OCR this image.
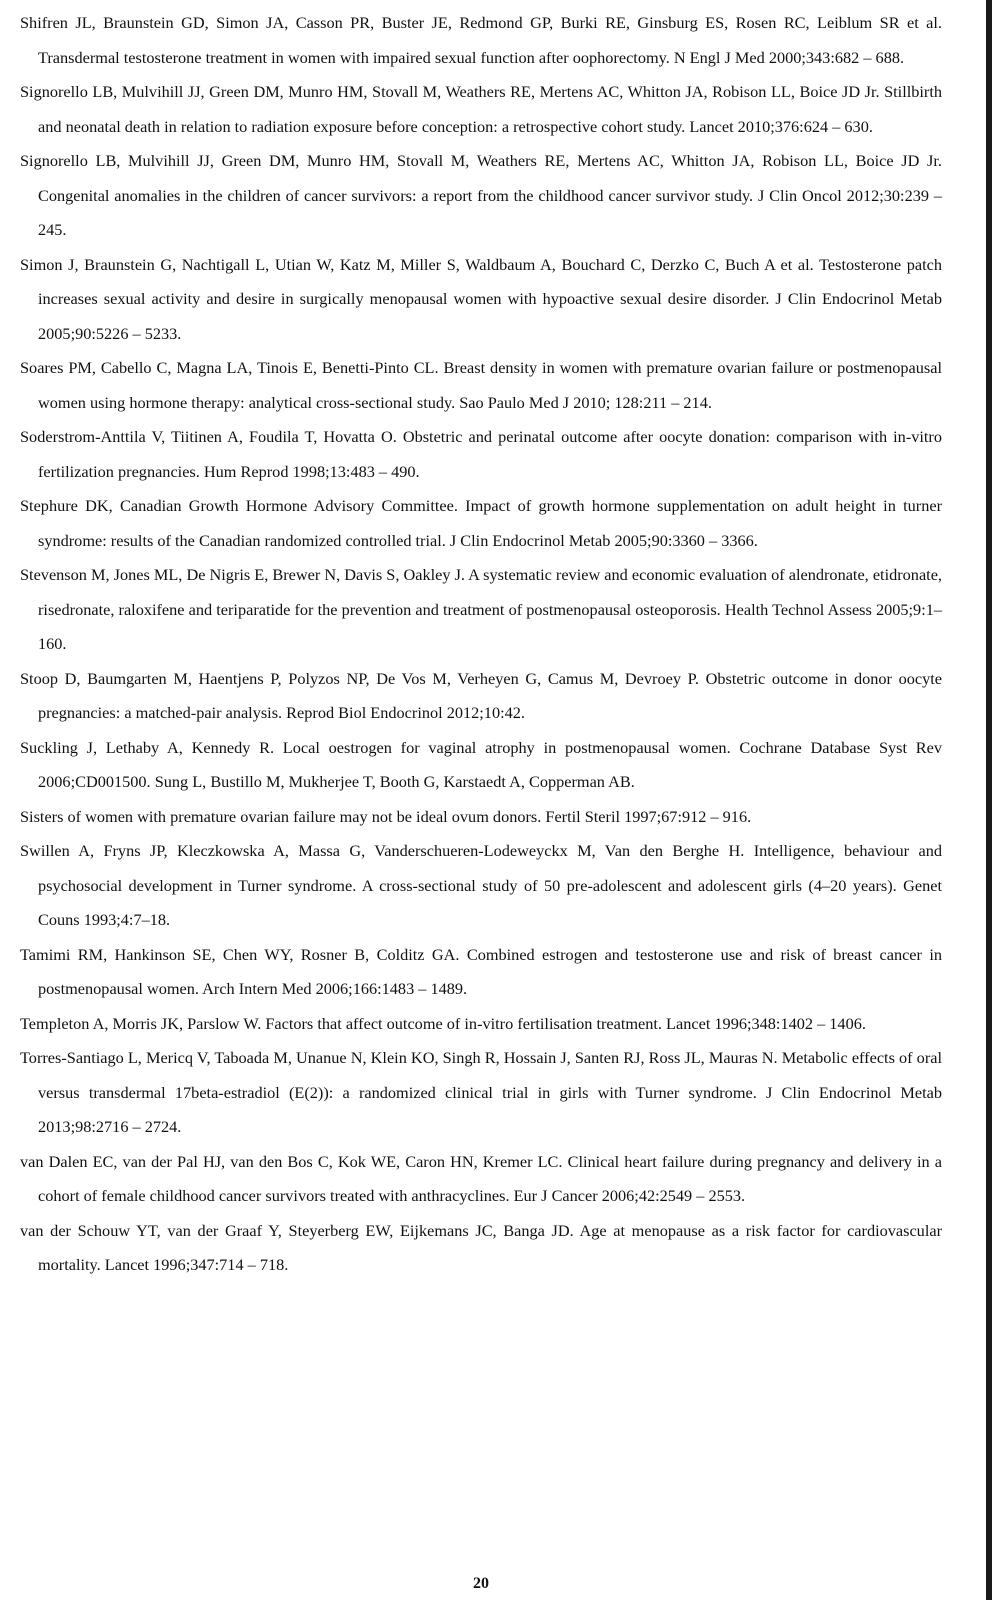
Shifren JL, Braunstein GD, Simon JA, Casson PR, Buster JE, Redmond GP, Burki RE, Ginsburg ES, Rosen RC, Leiblum SR et al. Transdermal testosterone treatment in women with impaired sexual function after oophorectomy. N Engl J Med 2000;343:682 – 688.

Signorello LB, Mulvihill JJ, Green DM, Munro HM, Stovall M, Weathers RE, Mertens AC, Whitton JA, Robison LL, Boice JD Jr. Stillbirth and neonatal death in relation to radiation exposure before conception: a retrospective cohort study. Lancet 2010;376:624 – 630.

Signorello LB, Mulvihill JJ, Green DM, Munro HM, Stovall M, Weathers RE, Mertens AC, Whitton JA, Robison LL, Boice JD Jr. Congenital anomalies in the children of cancer survivors: a report from the childhood cancer survivor study. J Clin Oncol 2012;30:239 – 245.

Simon J, Braunstein G, Nachtigall L, Utian W, Katz M, Miller S, Waldbaum A, Bouchard C, Derzko C, Buch A et al. Testosterone patch increases sexual activity and desire in surgically menopausal women with hypoactive sexual desire disorder. J Clin Endocrinol Metab 2005;90:5226 – 5233.

Soares PM, Cabello C, Magna LA, Tinois E, Benetti-Pinto CL. Breast density in women with premature ovarian failure or postmenopausal women using hormone therapy: analytical cross-sectional study. Sao Paulo Med J 2010; 128:211 – 214.

Soderstrom-Anttila V, Tiitinen A, Foudila T, Hovatta O. Obstetric and perinatal outcome after oocyte donation: comparison with in-vitro fertilization pregnancies. Hum Reprod 1998;13:483 – 490.

Stephure DK, Canadian Growth Hormone Advisory Committee. Impact of growth hormone supplementation on adult height in turner syndrome: results of the Canadian randomized controlled trial. J Clin Endocrinol Metab 2005;90:3360 – 3366.

Stevenson M, Jones ML, De Nigris E, Brewer N, Davis S, Oakley J. A systematic review and economic evaluation of alendronate, etidronate, risedronate, raloxifene and teriparatide for the prevention and treatment of postmenopausal osteoporosis. Health Technol Assess 2005;9:1–160.

Stoop D, Baumgarten M, Haentjens P, Polyzos NP, De Vos M, Verheyen G, Camus M, Devroey P. Obstetric outcome in donor oocyte pregnancies: a matched-pair analysis. Reprod Biol Endocrinol 2012;10:42.

Suckling J, Lethaby A, Kennedy R. Local oestrogen for vaginal atrophy in postmenopausal women. Cochrane Database Syst Rev 2006;CD001500. Sung L, Bustillo M, Mukherjee T, Booth G, Karstaedt A, Copperman AB.

Sisters of women with premature ovarian failure may not be ideal ovum donors. Fertil Steril 1997;67:912 – 916.

Swillen A, Fryns JP, Kleczkowska A, Massa G, Vanderschueren-Lodeweyckx M, Van den Berghe H. Intelligence, behaviour and psychosocial development in Turner syndrome. A cross-sectional study of 50 pre-adolescent and adolescent girls (4–20 years). Genet Couns 1993;4:7–18.

Tamimi RM, Hankinson SE, Chen WY, Rosner B, Colditz GA. Combined estrogen and testosterone use and risk of breast cancer in postmenopausal women. Arch Intern Med 2006;166:1483 – 1489.

Templeton A, Morris JK, Parslow W. Factors that affect outcome of in-vitro fertilisation treatment. Lancet 1996;348:1402 – 1406.

Torres-Santiago L, Mericq V, Taboada M, Unanue N, Klein KO, Singh R, Hossain J, Santen RJ, Ross JL, Mauras N. Metabolic effects of oral versus transdermal 17beta-estradiol (E(2)): a randomized clinical trial in girls with Turner syndrome. J Clin Endocrinol Metab 2013;98:2716 – 2724.

van Dalen EC, van der Pal HJ, van den Bos C, Kok WE, Caron HN, Kremer LC. Clinical heart failure during pregnancy and delivery in a cohort of female childhood cancer survivors treated with anthracyclines. Eur J Cancer 2006;42:2549 – 2553.

van der Schouw YT, van der Graaf Y, Steyerberg EW, Eijkemans JC, Banga JD. Age at menopause as a risk factor for cardiovascular mortality. Lancet 1996;347:714 – 718.

20
